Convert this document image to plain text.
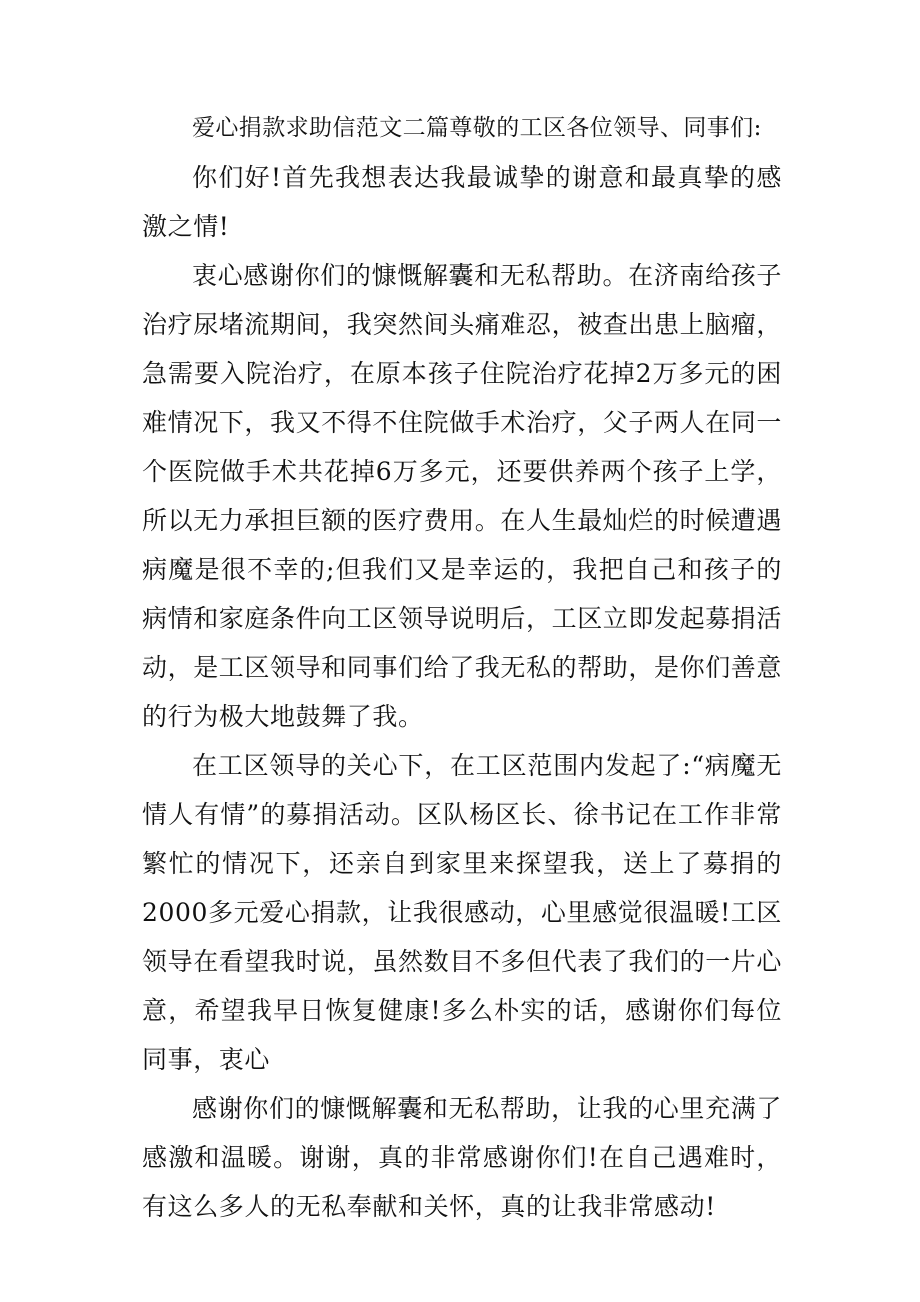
爱心捐款求助信范文二篇尊敬的工区各位领导、同事们:

你们好!首先我想表达我最诚挚的谢意和最真挚的感激之情!

衷心感谢你们的慷慨解囊和无私帮助。在济南给孩子治疗尿堵流期间，我突然间头痛难忍，被查出患上脑瘤，急需要入院治疗，在原本孩子住院治疗花掉2万多元的困难情况下，我又不得不住院做手术治疗，父子两人在同一个医院做手术共花掉6万多元，还要供养两个孩子上学，所以无力承担巨额的医疗费用。在人生最灿烂的时候遭遇病魔是很不幸的;但我们又是幸运的，我把自己和孩子的病情和家庭条件向工区领导说明后，工区立即发起募捐活动，是工区领导和同事们给了我无私的帮助，是你们善意的行为极大地鼓舞了我。

在工区领导的关心下，在工区范围内发起了:“病魔无情人有情”的募捐活动。区队杨区长、徐书记在工作非常繁忙的情况下，还亲自到家里来探望我，送上了募捐的2000多元爱心捐款，让我很感动，心里感觉很温暖!工区领导在看望我时说，虽然数目不多但代表了我们的一片心意，希望我早日恢复健康!多么朴实的话，感谢你们每位同事，衷心

感谢你们的慷慨解囊和无私帮助，让我的心里充满了感激和温暖。谢谢，真的非常感谢你们!在自己遇难时，有这么多人的无私奉献和关怀，真的让我非常感动!
